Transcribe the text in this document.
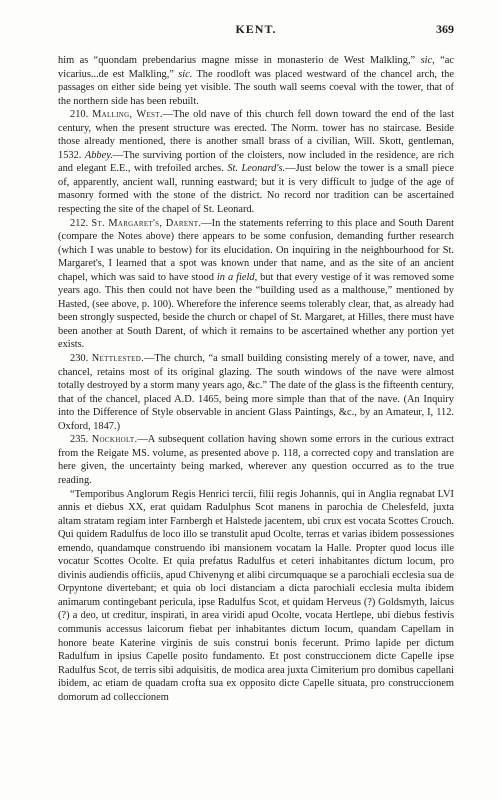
KENT.	369

him as “quondam prebendarius magne misse in monasterio de West Malkling,” sic, “ac vicarius...de est Malkling,” sic. The roodloft was placed westward of the chancel arch, the passages on either side being yet visible. The south wall seems coeval with the tower, that of the northern side has been rebuilt.

210. Malling, West.—The old nave of this church fell down toward the end of the last century, when the present structure was erected. The Norm. tower has no staircase. Beside those already mentioned, there is another small brass of a civilian, Will. Skott, gentleman, 1532. Abbey.—The surviving portion of the cloisters, now included in the residence, are rich and elegant E.E., with trefoiled arches. St. Leonard's.—Just below the tower is a small piece of, apparently, ancient wall, running eastward; but it is very difficult to judge of the age of masonry formed with the stone of the district. No record nor tradition can be ascertained respecting the site of the chapel of St. Leonard.

212. St. Margaret's, Darent.—In the statements referring to this place and South Darent (compare the Notes above) there appears to be some confusion, demanding further research (which I was unable to bestow) for its elucidation. On inquiring in the neighbourhood for St. Margaret's, I learned that a spot was known under that name, and as the site of an ancient chapel, which was said to have stood in a field, but that every vestige of it was removed some years ago. This then could not have been the “building used as a malthouse,” mentioned by Hasted, (see above, p. 100). Wherefore the inference seems tolerably clear, that, as already had been strongly suspected, beside the church or chapel of St. Margaret, at Hilles, there must have been another at South Darent, of which it remains to be ascertained whether any portion yet exists.

230. Nettlested.—The church, “a small building consisting merely of a tower, nave, and chancel, retains most of its original glazing. The south windows of the nave were almost totally destroyed by a storm many years ago, &c.” The date of the glass is the fifteenth century, that of the chancel, placed A.D. 1465, being more simple than that of the nave. (An Inquiry into the Difference of Style observable in ancient Glass Paintings, &c., by an Amateur, I, 112. Oxford, 1847.)

235. Nockholt.—A subsequent collation having shown some errors in the curious extract from the Reigate MS. volume, as presented above p. 118, a corrected copy and translation are here given, the uncertainty being marked, wherever any question occurred as to the true reading.

“Temporibus Anglorum Regis Henrici tercii, filii regis Johannis, qui in Anglia regnabat LVI annis et diebus XX, erat quidam Radulphus Scot manens in parochia de Chelesfeld, juxta altam stratam regiam inter Farnbergh et Halstede jacentem, ubi crux est vocata Scottes Crouch. Qui quidem Radulfus de loco illo se transtulit apud Ocolte, terras et varias ibidem possessiones emendo, quandamque construendo ibi mansionem vocatam la Halle. Propter quod locus ille vocatur Scottes Ocolte. Et quia prefatus Radulfus et ceteri inhabitantes dictum locum, pro divinis audiendis officiis, apud Chivenyng et alibi circumquaque se a parochiali ecclesia sua de Orpyntone divertebant; et quia ob loci distanciam a dicta parochiali ecclesia multa ibidem animarum contingebant pericula, ipse Radulfus Scot, et quidam Herveus (?) Goldsmyth, laicus (?) a deo, ut creditur, inspirati, in area viridi apud Ocolte, vocata Hertlepe, ubi diebus festivis communis accessus laicorum fiebat per inhabitantes dictum locum, quandam Capellam in honore beate Katerine virginis de suis construi bonis fecerunt. Primo lapide per dictum Radulfum in ipsius Capelle posito fundamento. Et post construccionem dicte Capelle ipse Radulfus Scot, de terris sibi adquisitis, de modica area juxta Cimiterium pro domibus capellani ibidem, ac etiam de quadam crofta sua ex opposito dicte Capelle situata, pro construccionem domorum ad colleccionem
